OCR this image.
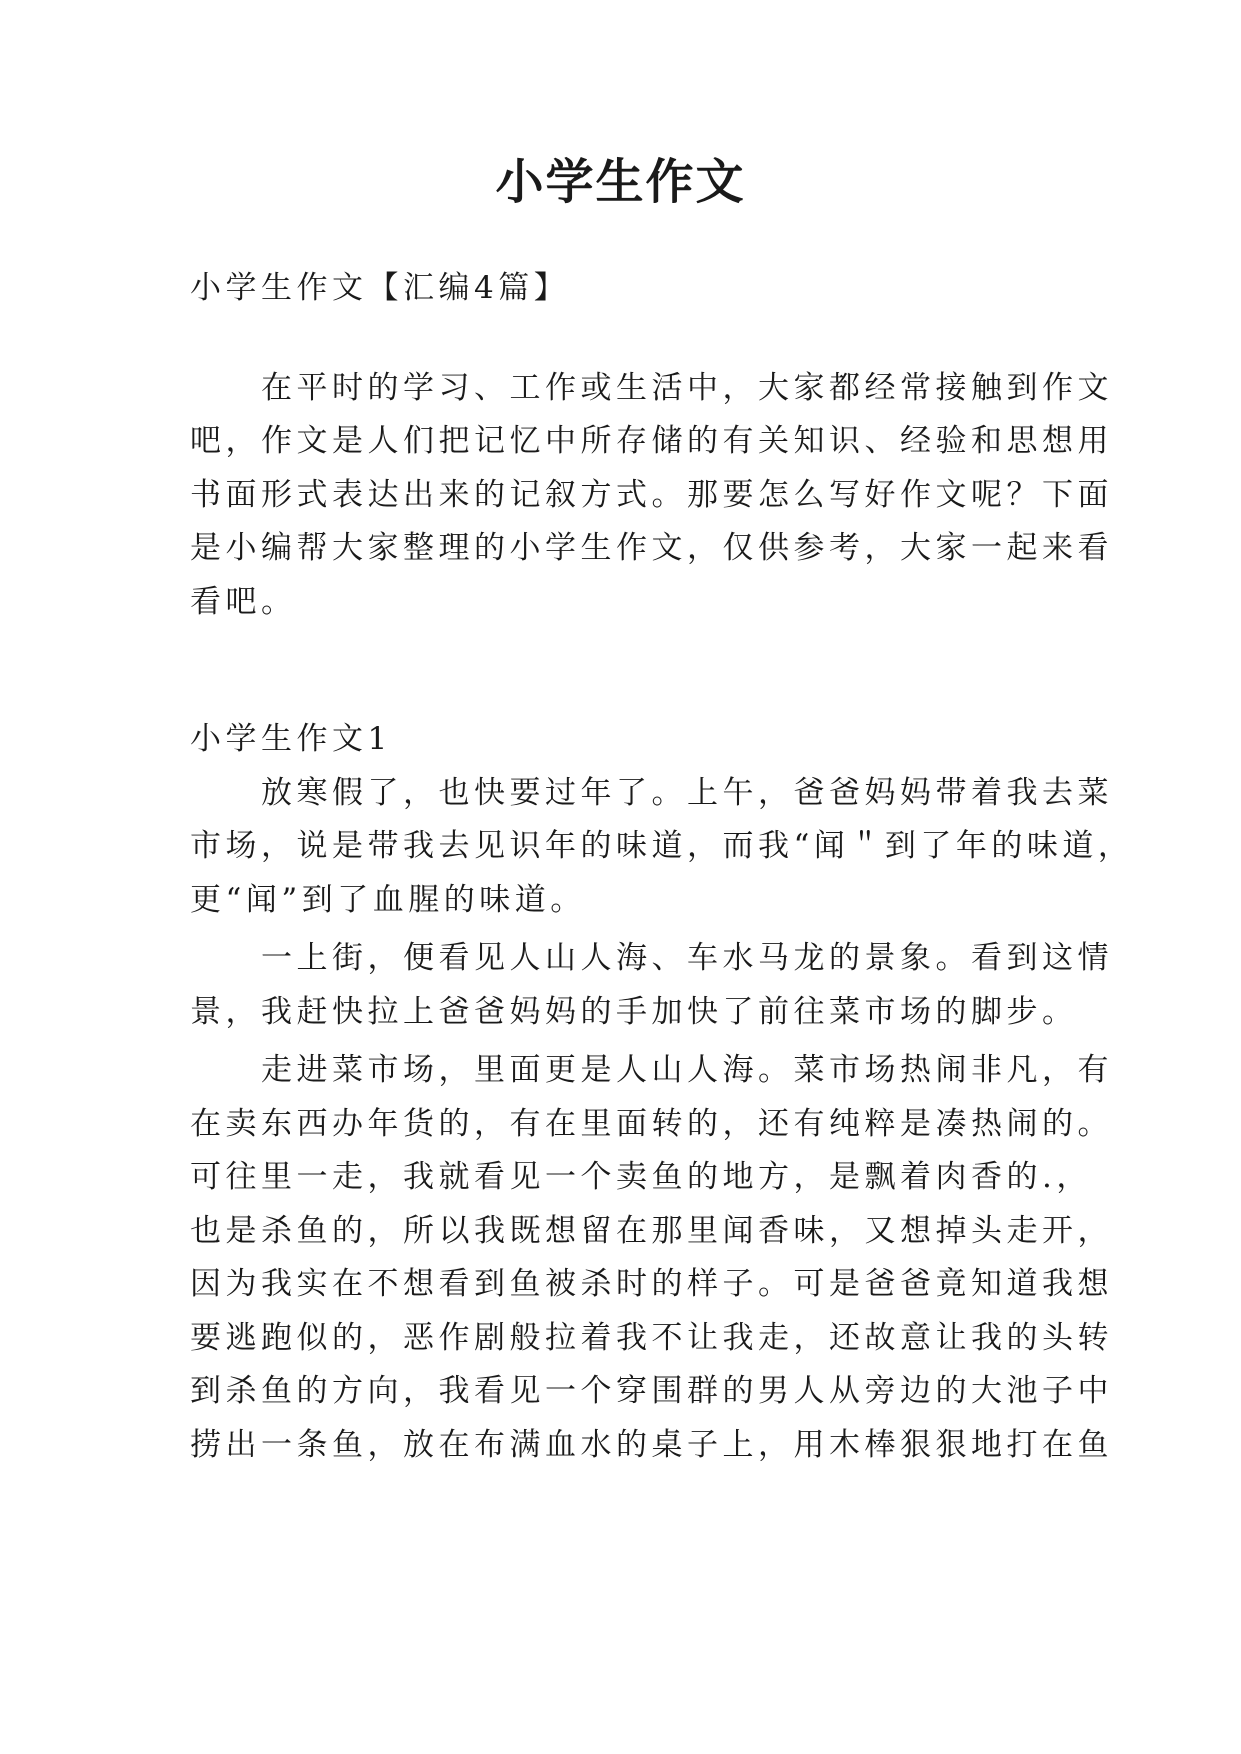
小学生作文
小学生作文【汇编4篇】
　　在平时的学习、工作或生活中，大家都经常接触到作文
吧，作文是人们把记忆中所存储的有关知识、经验和思想用
书面形式表达出来的记叙方式。那要怎么写好作文呢？下面
是小编帮大家整理的小学生作文，仅供参考，大家一起来看
看吧。
小学生作文1
　　放寒假了，也快要过年了。上午，爸爸妈妈带着我去菜
市场，说是带我去见识年的味道，而我“闻＂到了年的味道，
更“闻”到了血腥的味道。
　　一上街，便看见人山人海、车水马龙的景象。看到这情
景，我赶快拉上爸爸妈妈的手加快了前往菜市场的脚步。
　　走进菜市场，里面更是人山人海。菜市场热闹非凡，有
在卖东西办年货的，有在里面转的，还有纯粹是凑热闹的。
可往里一走，我就看见一个卖鱼的地方，是飘着肉香的.，
也是杀鱼的，所以我既想留在那里闻香味，又想掉头走开，
因为我实在不想看到鱼被杀时的样子。可是爸爸竟知道我想
要逃跑似的，恶作剧般拉着我不让我走，还故意让我的头转
到杀鱼的方向，我看见一个穿围群的男人从旁边的大池子中
捞出一条鱼，放在布满血水的桌子上，用木棒狠狠地打在鱼
